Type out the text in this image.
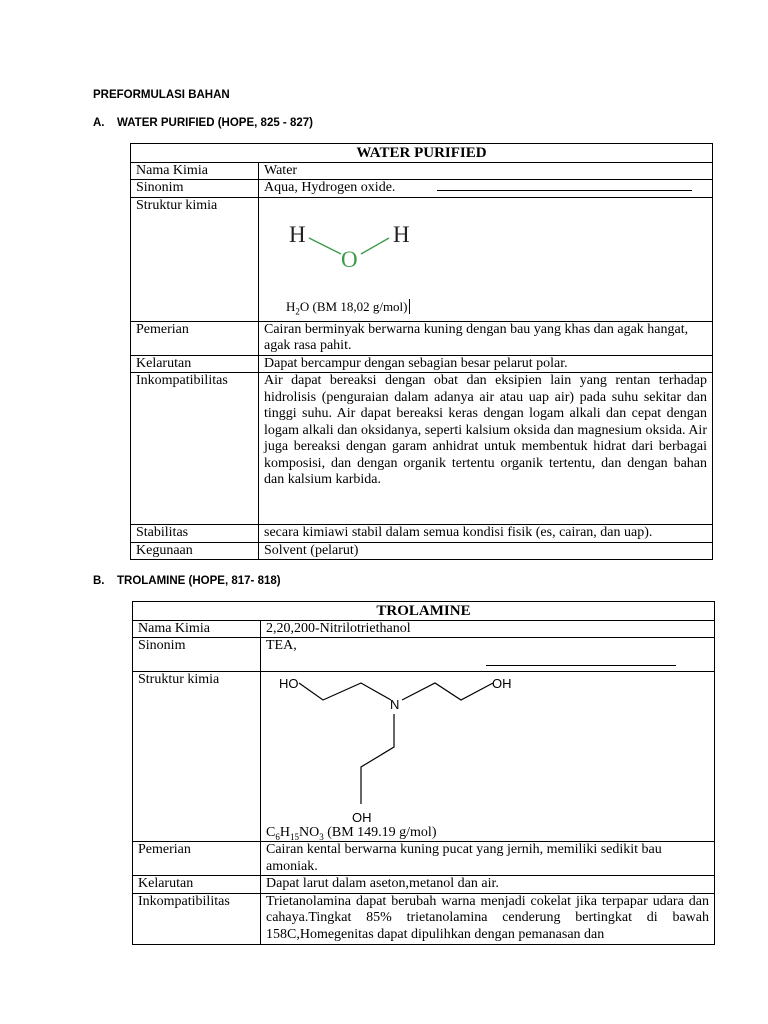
PREFORMULASI BAHAN
A. WATER PURIFIED (HOPE, 825 - 827)
WATER PURIFIED	
Nama Kimia	Water
Sinonim	Aqua, Hydrogen oxide.
Struktur kimia	H
O
H
$H_2O$ (BM 18,02 g/mol)

Pemerian	Cairan berminyak berwarna kuning dengan bau yang khas dan agak hangat, agak rasa pahit.
Kelarutan	Dapat bercampur dengan sebagian besar pelarut polar.
Inkompatibilitas	Air dapat bereaksi dengan obat dan eksipien lain yang rentan terhadap hidrolisis (penguraian dalam adanya air atau uap air) pada suhu sekitar dan tinggi suhu. Air dapat bereaksi keras dengan logam alkali dan cepat dengan logam alkali dan oksidanya, seperti kalsium oksida dan magnesium oksida. Air juga bereaksi dengan garam anhidrat untuk membentuk hidrat dari berbagai komposisi, dan dengan organik tertentu organik tertentu, dan dengan bahan dan kalsium karbida.
Stabilitas	secara kimiawi stabil dalam semua kondisi fisik (es, cairan, dan uap).
Kegunaan	Solvent (pelarut)
B. TROLAMINE (HOPE, 817- 818)
TROLAMINE	
Nama Kimia	2,20,200-Nitrilotriethanol
Sinonim	TEA,
Struktur kimia	HO
N
OH
OH
$C_6H_{15}NO_3$ (BM 149.19 g/mol)

Pemerian	Cairan kental berwarna kuning pucat yang jernih, memiliki sedikit bau amoniak.
Kelarutan	Dapat larut dalam aseton,metanol dan air.
Inkompatibilitas	Trietanolamina dapat berubah warna menjadi cokelat jika terpapar udara dan cahaya.Tingkat 85% trietanolamina cenderung bertingkat di bawah 158C,Homegenitas dapat dipulihkan dengan pemanasan dan
